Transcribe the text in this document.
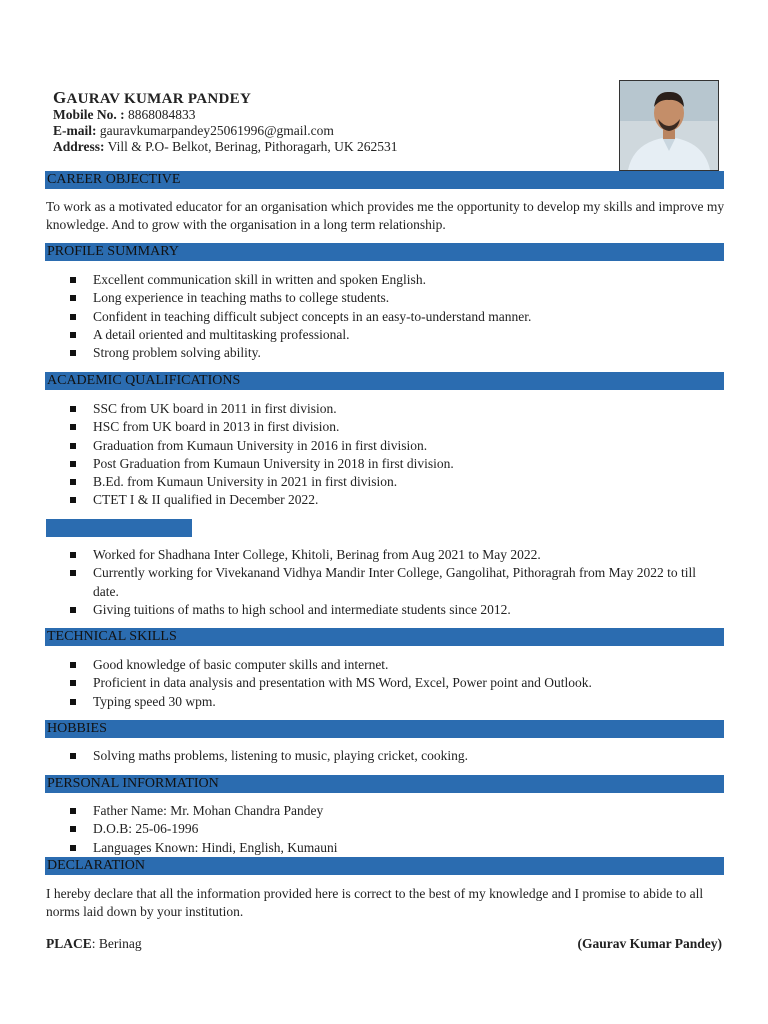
GAURAV KUMAR PANDEY
Mobile No. : 8868084833
E-mail: gauravkumarpandey25061996@gmail.com
Address: Vill & P.O- Belkot, Berinag, Pithoragarh, UK 262531
CAREER OBJECTIVE
To work as a motivated educator for an organisation which provides me the opportunity to develop my skills and improve my knowledge. And to grow with the organisation in a long term relationship.
PROFILE SUMMARY
Excellent communication skill in written and spoken English.
Long experience in teaching maths to college students.
Confident in teaching difficult subject concepts in an easy-to-understand manner.
A detail oriented and multitasking professional.
Strong problem solving ability.
ACADEMIC QUALIFICATIONS
SSC from UK board in 2011 in first division.
HSC from UK board in 2013 in first division.
Graduation from Kumaun University in 2016 in first division.
Post Graduation from Kumaun University in 2018 in first division.
B.Ed. from Kumaun University in 2021 in first division.
CTET I & II qualified in December 2022.
Worked for Shadhana Inter College, Khitoli, Berinag from Aug 2021 to May 2022.
Currently working for Vivekanand Vidhya Mandir Inter College, Gangolihat, Pithoragrah from May 2022 to till date.
Giving tuitions of maths to high school and intermediate students since 2012.
TECHNICAL SKILLS
Good knowledge of basic computer skills and internet.
Proficient in data analysis and presentation with MS Word, Excel, Power point and Outlook.
Typing speed 30 wpm.
HOBBIES
Solving maths problems, listening to music, playing cricket, cooking.
PERSONAL INFORMATION
Father Name: Mr. Mohan Chandra Pandey
D.O.B: 25-06-1996
Languages Known: Hindi, English, Kumauni
DECLARATION
I hereby declare that all the information provided here is correct to the best of my knowledge and I promise to abide to all norms laid down by your institution.
PLACE: Berinag	(Gaurav Kumar Pandey)
